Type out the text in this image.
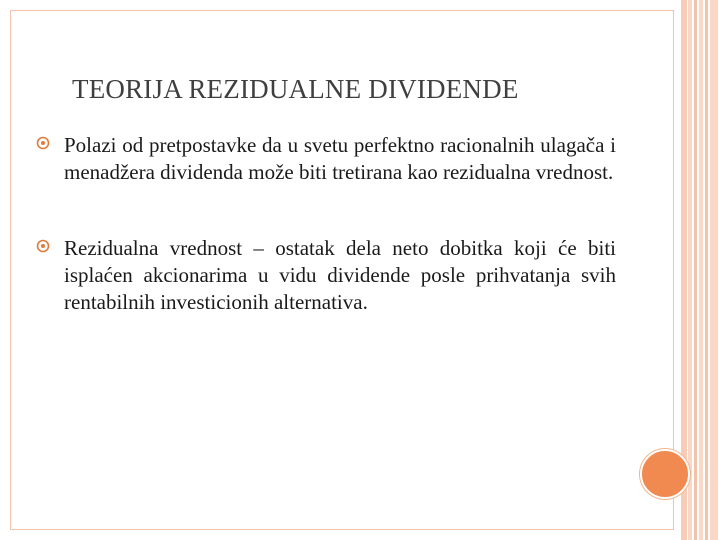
TEORIJA REZIDUALNE DIVIDENDE

Polazi od pretpostavke da u svetu perfektno racionalnih ulagača i menadžera dividenda može biti tretirana kao rezidualna vrednost.

Rezidualna vrednost – ostatak dela neto dobitka koji će biti isplaćen akcionarima u vidu dividende posle prihvatanja svih rentabilnih investicionih alternativa.
